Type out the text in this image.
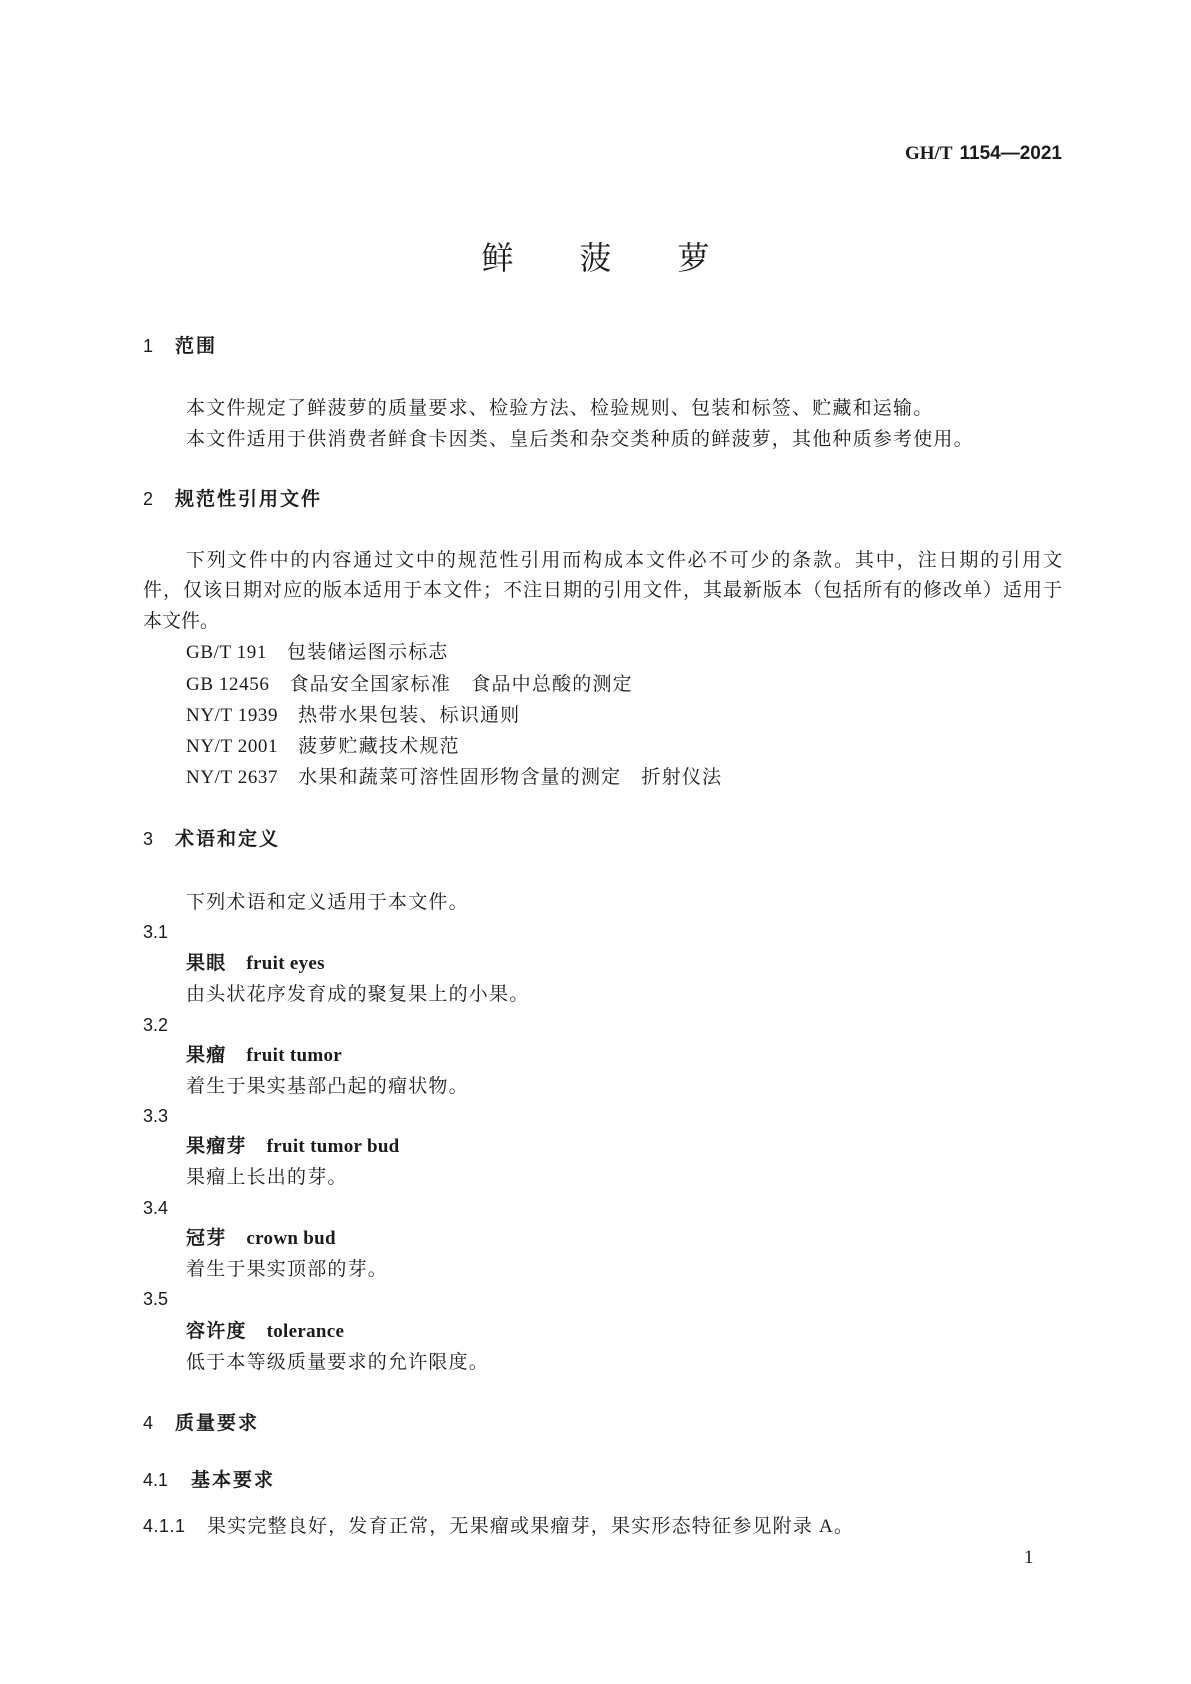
GH/T 1154—2021
鲜菠萝
1 范围
本文件规定了鲜菠萝的质量要求、检验方法、检验规则、包装和标签、贮藏和运输。
本文件适用于供消费者鲜食卡因类、皇后类和杂交类种质的鲜菠萝，其他种质参考使用。
2 规范性引用文件
下列文件中的内容通过文中的规范性引用而构成本文件必不可少的条款。其中，注日期的引用文
件，仅该日期对应的版本适用于本文件；不注日期的引用文件，其最新版本（包括所有的修改单）适用于
本文件。
GB/T 191 包装储运图示标志
GB 12456 食品安全国家标准　食品中总酸的测定
NY/T 1939 热带水果包装、标识通则
NY/T 2001 菠萝贮藏技术规范
NY/T 2637 水果和蔬菜可溶性固形物含量的测定　折射仪法
3 术语和定义
下列术语和定义适用于本文件。
3.1
果眼 fruit eyes
由头状花序发育成的聚复果上的小果。
3.2
果瘤 fruit tumor
着生于果实基部凸起的瘤状物。
3.3
果瘤芽 fruit tumor bud
果瘤上长出的芽。
3.4
冠芽 crown bud
着生于果实顶部的芽。
3.5
容许度 tolerance
低于本等级质量要求的允许限度。
4 质量要求
4.1 基本要求
4.1.1 果实完整良好，发育正常，无果瘤或果瘤芽，果实形态特征参见附录 A。
1
